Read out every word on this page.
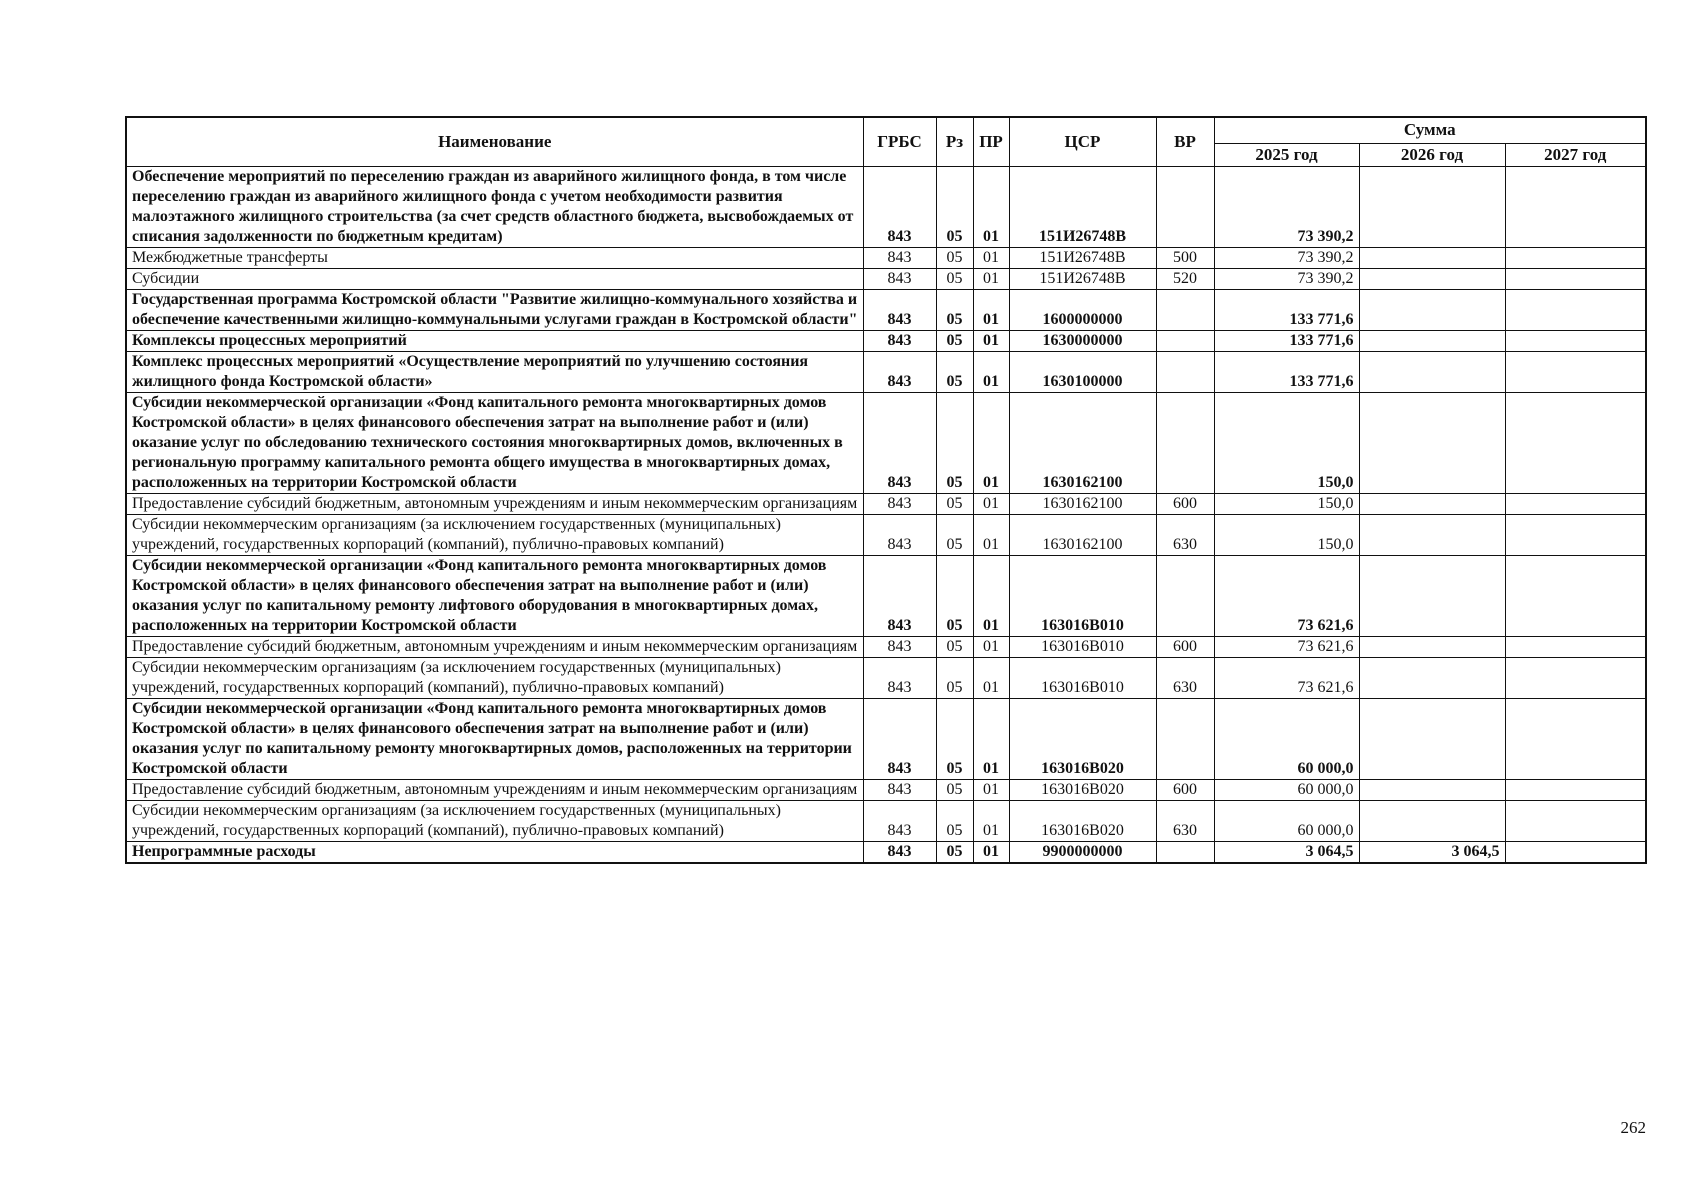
Наименование	ГРБС	Рз	ПР	ЦСР	ВР	Сумма		
						2025 год	2026 год	2027 год
Обеспечение мероприятий по переселению граждан из аварийного жилищного фонда, в том числе переселению граждан из аварийного жилищного фонда с учетом необходимости развития малоэтажного жилищного строительства (за счет средств областного бюджета, высвобождаемых от списания задолженности по бюджетным кредитам)	843	05	01	151И26748В		73 390,2		
Межбюджетные трансферты	843	05	01	151И26748В	500	73 390,2		
Субсидии	843	05	01	151И26748В	520	73 390,2		
Государственная программа Костромской области "Развитие жилищно-коммунального хозяйства и обеспечение качественными жилищно-коммунальными услугами граждан в Костромской области"	843	05	01	1600000000		133 771,6		
Комплексы процессных мероприятий	843	05	01	1630000000		133 771,6		
Комплекс процессных мероприятий «Осуществление мероприятий по улучшению состояния жилищного фонда Костромской области»	843	05	01	1630100000		133 771,6		
Субсидии некоммерческой организации «Фонд капитального ремонта многоквартирных домов Костромской области» в целях финансового обеспечения затрат на выполнение работ и (или) оказание услуг по обследованию технического состояния многоквартирных домов, включенных в региональную программу капитального ремонта общего имущества в многоквартирных домах, расположенных на территории Костромской области	843	05	01	1630162100		150,0		
Предоставление субсидий бюджетным, автономным учреждениям и иным некоммерческим организациям	843	05	01	1630162100	600	150,0		
Субсидии некоммерческим организациям (за исключением государственных (муниципальных) учреждений, государственных корпораций (компаний), публично-правовых компаний)	843	05	01	1630162100	630	150,0		
Субсидии некоммерческой организации «Фонд капитального ремонта многоквартирных домов Костромской области» в целях финансового обеспечения затрат на выполнение работ и (или) оказания услуг по капитальному ремонту лифтового оборудования в многоквартирных домах, расположенных на территории Костромской области	843	05	01	163016В010		73 621,6		
Предоставление субсидий бюджетным, автономным учреждениям и иным некоммерческим организациям	843	05	01	163016В010	600	73 621,6		
Субсидии некоммерческим организациям (за исключением государственных (муниципальных) учреждений, государственных корпораций (компаний), публично-правовых компаний)	843	05	01	163016В010	630	73 621,6		
Субсидии некоммерческой организации «Фонд капитального ремонта многоквартирных домов Костромской области» в целях финансового обеспечения затрат на выполнение работ и (или) оказания услуг по капитальному ремонту многоквартирных домов, расположенных на территории Костромской области	843	05	01	163016В020		60 000,0		
Предоставление субсидий бюджетным, автономным учреждениям и иным некоммерческим организациям	843	05	01	163016В020	600	60 000,0		
Субсидии некоммерческим организациям (за исключением государственных (муниципальных) учреждений, государственных корпораций (компаний), публично-правовых компаний)	843	05	01	163016В020	630	60 000,0		
Непрограммные расходы	843	05	01	9900000000		3 064,5	3 064,5	
262
